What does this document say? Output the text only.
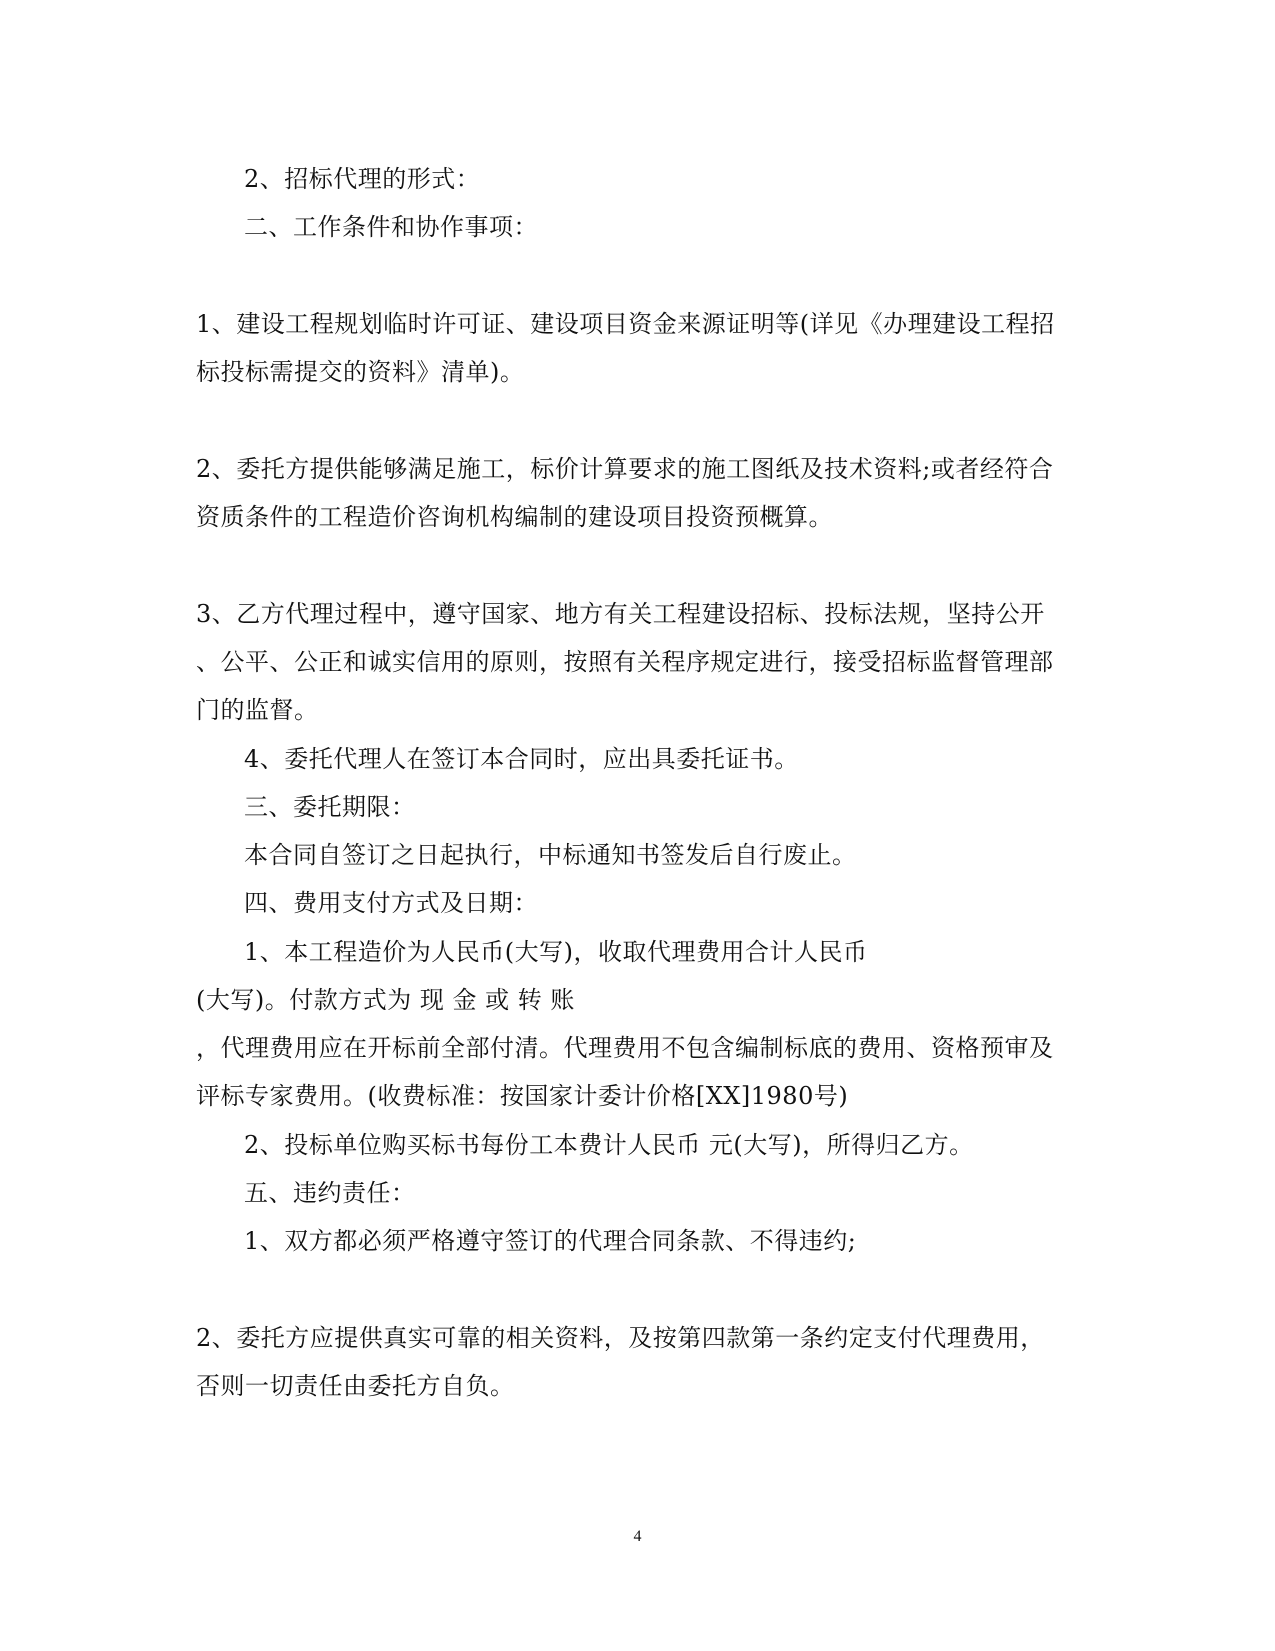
2、招标代理的形式：
二、工作条件和协作事项：
1、建设工程规划临时许可证、建设项目资金来源证明等(详见《办理建设工程招
标投标需提交的资料》清单)。
2、委托方提供能够满足施工，标价计算要求的施工图纸及技术资料;或者经符合
资质条件的工程造价咨询机构编制的建设项目投资预概算。
3、乙方代理过程中，遵守国家、地方有关工程建设招标、投标法规，坚持公开
、公平、公正和诚实信用的原则，按照有关程序规定进行，接受招标监督管理部
门的监督。
4、委托代理人在签订本合同时，应出具委托证书。
三、委托期限：
本合同自签订之日起执行，中标通知书签发后自行废止。
四、费用支付方式及日期：
1、本工程造价为人民币(大写)，收取代理费用合计人民币
(大写)。付款方式为 现 金 或 转 账
，代理费用应在开标前全部付清。代理费用不包含编制标底的费用、资格预审及
评标专家费用。(收费标准：按国家计委计价格[XX]1980号)
2、投标单位购买标书每份工本费计人民币 元(大写)，所得归乙方。
五、违约责任：
1、双方都必须严格遵守签订的代理合同条款、不得违约;
2、委托方应提供真实可靠的相关资料，及按第四款第一条约定支付代理费用，
否则一切责任由委托方自负。
4
